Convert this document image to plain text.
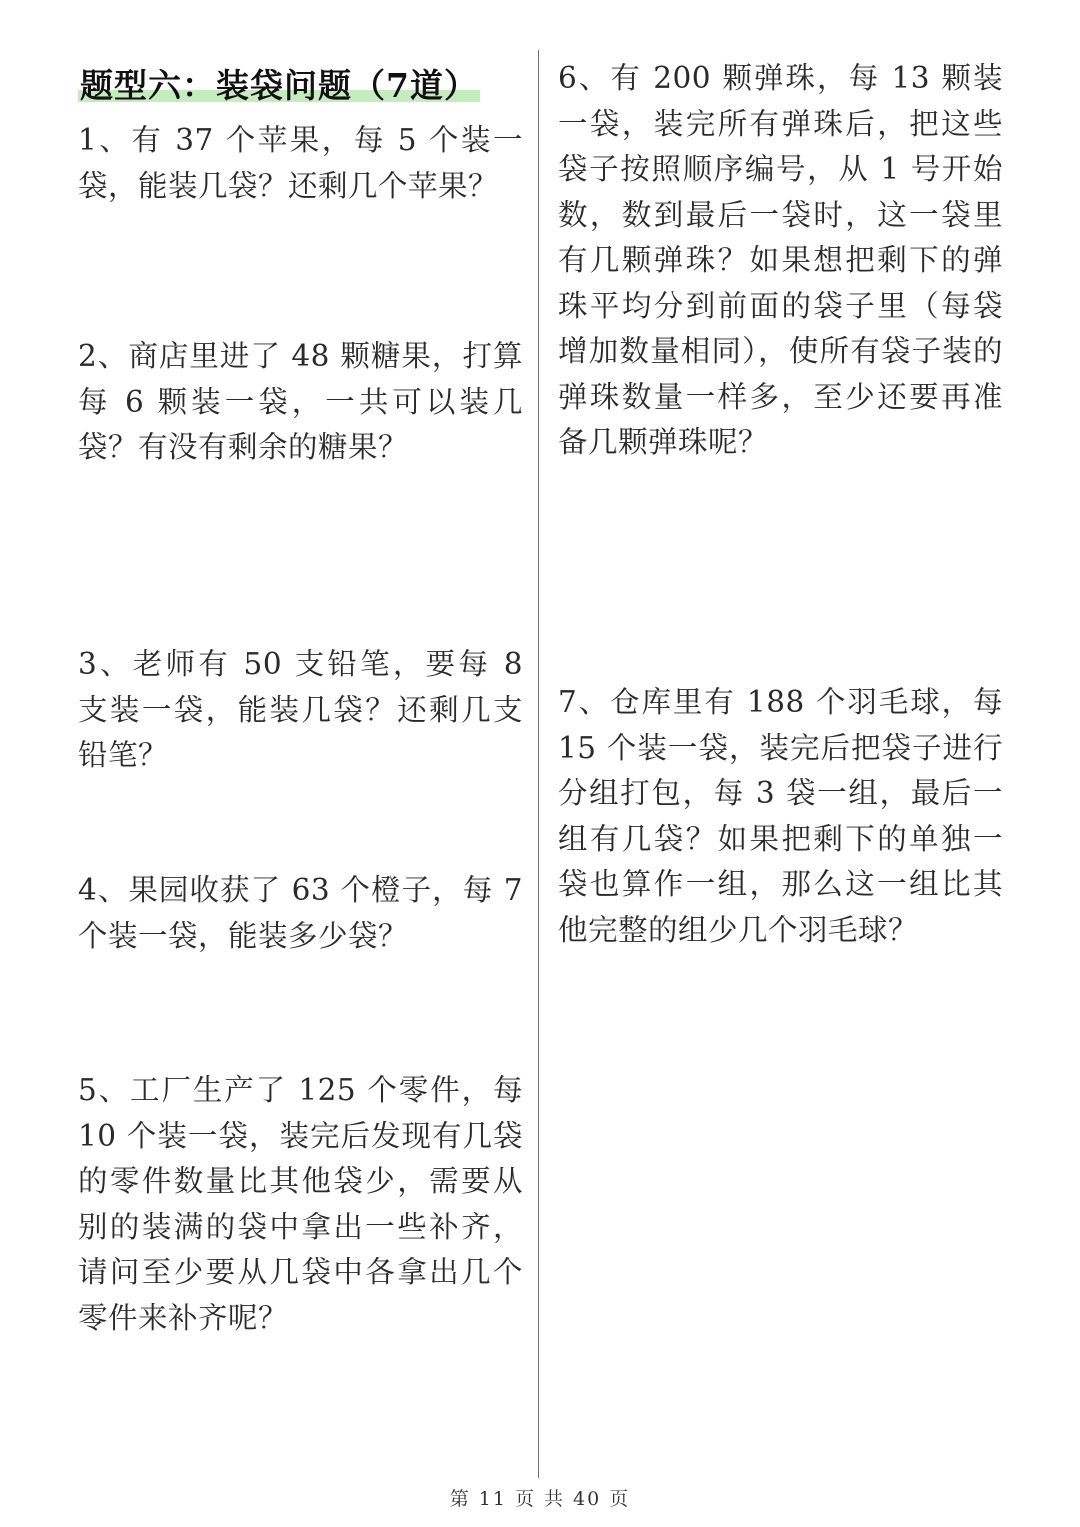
题型六：装袋问题（7道）
1、有 37 个苹果，每 5 个装一袋，能装几袋？还剩几个苹果？
2、商店里进了 48 颗糖果，打算每 6 颗装一袋，一共可以装几袋？有没有剩余的糖果？
3、老师有 50 支铅笔，要每 8 支装一袋，能装几袋？还剩几支铅笔？
4、果园收获了 63 个橙子，每 7 个装一袋，能装多少袋？
5、工厂生产了 125 个零件，每 10 个装一袋，装完后发现有几袋的零件数量比其他袋少，需要从别的装满的袋中拿出一些补齐，请问至少要从几袋中各拿出几个零件来补齐呢？
6、有 200 颗弹珠，每 13 颗装一袋，装完所有弹珠后，把这些袋子按照顺序编号，从 1 号开始数，数到最后一袋时，这一袋里有几颗弹珠？如果想把剩下的弹珠平均分到前面的袋子里（每袋增加数量相同），使所有袋子装的弹珠数量一样多，至少还要再准备几颗弹珠呢？
7、仓库里有 188 个羽毛球，每 15 个装一袋，装完后把袋子进行分组打包，每 3 袋一组，最后一组有几袋？如果把剩下的单独一袋也算作一组，那么这一组比其他完整的组少几个羽毛球？
第 11 页 共 40 页
